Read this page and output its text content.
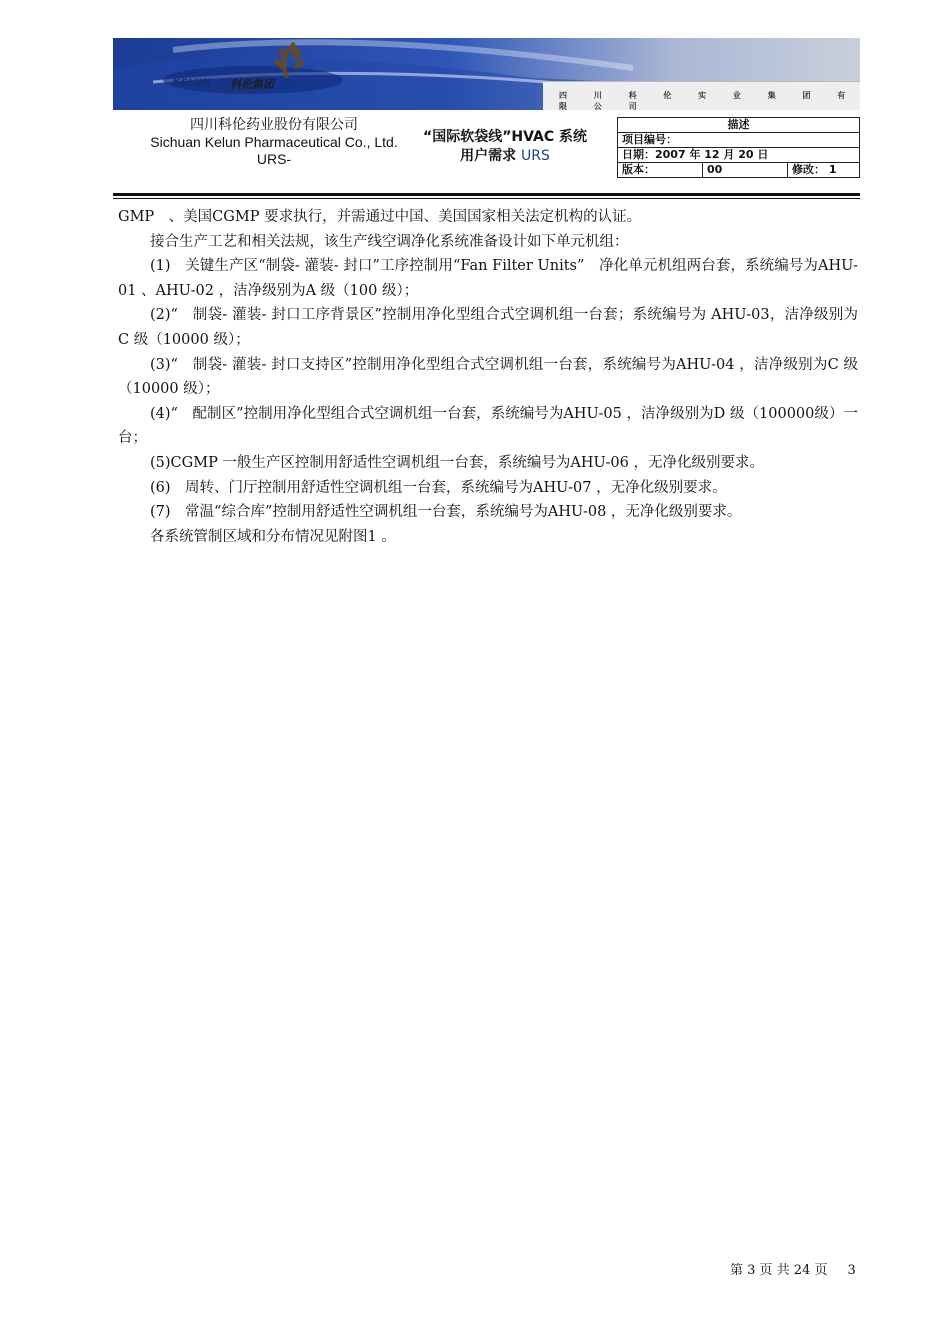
KELUN 科伦集团
KELUN GROUP	四 川 科 伦 实 业 集 团 有 限 公 司
四川科伦药业股份有限公司
Sichuan Kelun Pharmaceutical Co., Ltd.
URS-
“国际软袋线”HVAC 系统
用户需求 URS
描述
项目编号：
日期：2007 年 12 月 20 日
版本：	00	修改： 1

GMP　、美国CGMP 要求执行，并需通过中国、美国国家相关法定机构的认证。

接合生产工艺和相关法规，该生产线空调净化系统准备设计如下单元机组：

(1)　关键生产区“制袋- 灌装- 封口”工序控制用“Fan Filter Units”　净化单元机组两台套，系统编号为AHU-01 、AHU-02 ，洁净级别为A 级（100 级）；

(2)“　制袋- 灌装- 封口工序背景区”控制用净化型组合式空调机组一台套；系统编号为 AHU-03，洁净级别为C 级（10000 级）；

(3)“　制袋- 灌装- 封口支持区”控制用净化型组合式空调机组一台套，系统编号为AHU-04 ，洁净级别为C 级（10000 级）；

(4)“　配制区”控制用净化型组合式空调机组一台套，系统编号为AHU-05 ，洁净级别为D 级（100000级）一台；

(5)CGMP 一般生产区控制用舒适性空调机组一台套，系统编号为AHU-06 ，无净化级别要求。

(6)　周转、门厅控制用舒适性空调机组一台套，系统编号为AHU-07 ，无净化级别要求。

(7)　常温“综合库”控制用舒适性空调机组一台套，系统编号为AHU-08 ，无净化级别要求。

各系统管制区域和分布情况见附图1 。

第 3 页 共 24 页 3
